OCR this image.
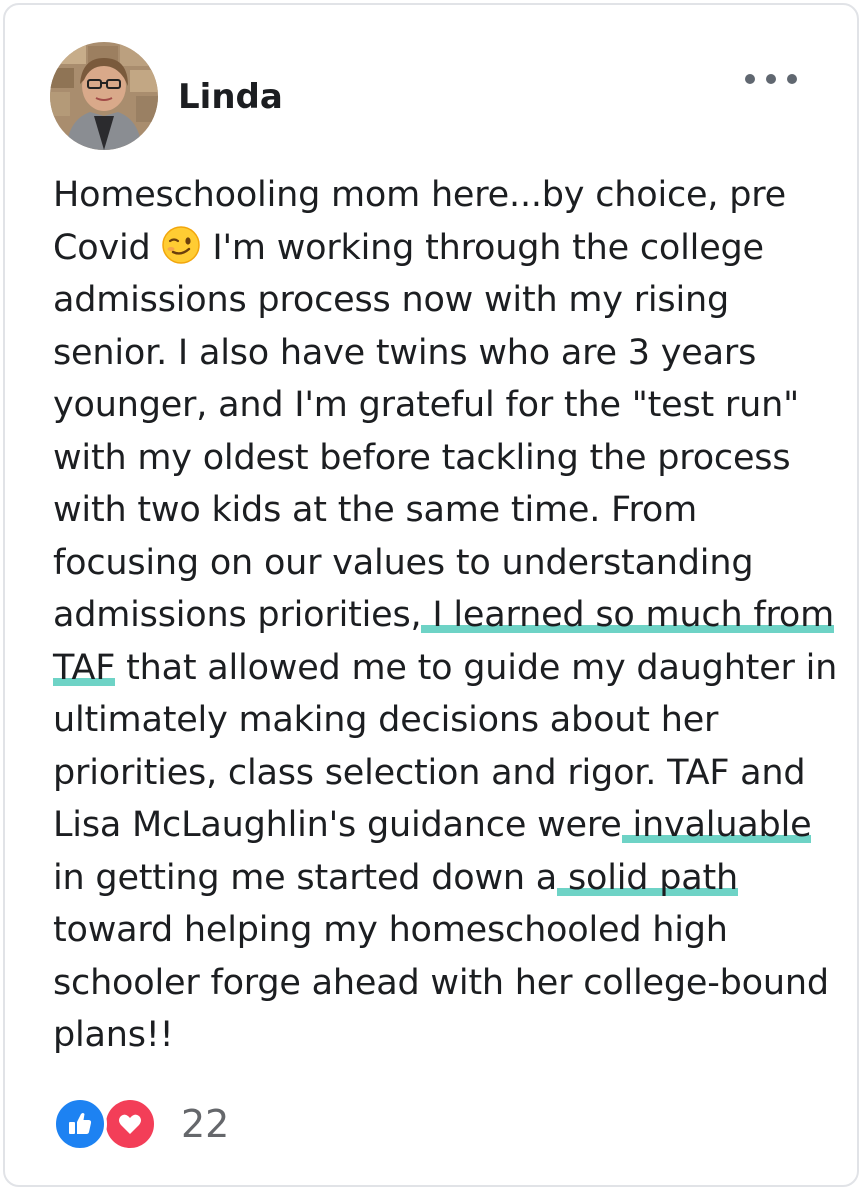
Linda
Homeschooling mom here...by choice, pre Covid  I'm working through the college admissions process now with my rising senior. I also have twins who are 3 years younger, and I'm grateful for the "test run" with my oldest before tackling the process with two kids at the same time. From focusing on our values to understanding admissions priorities, I learned so much from TAF that allowed me to guide my daughter in ultimately making decisions about her priorities, class selection and rigor. TAF and Lisa McLaughlin's guidance were invaluable in getting me started down a solid path toward helping my homeschooled high schooler forge ahead with her college-bound plans!!
22
